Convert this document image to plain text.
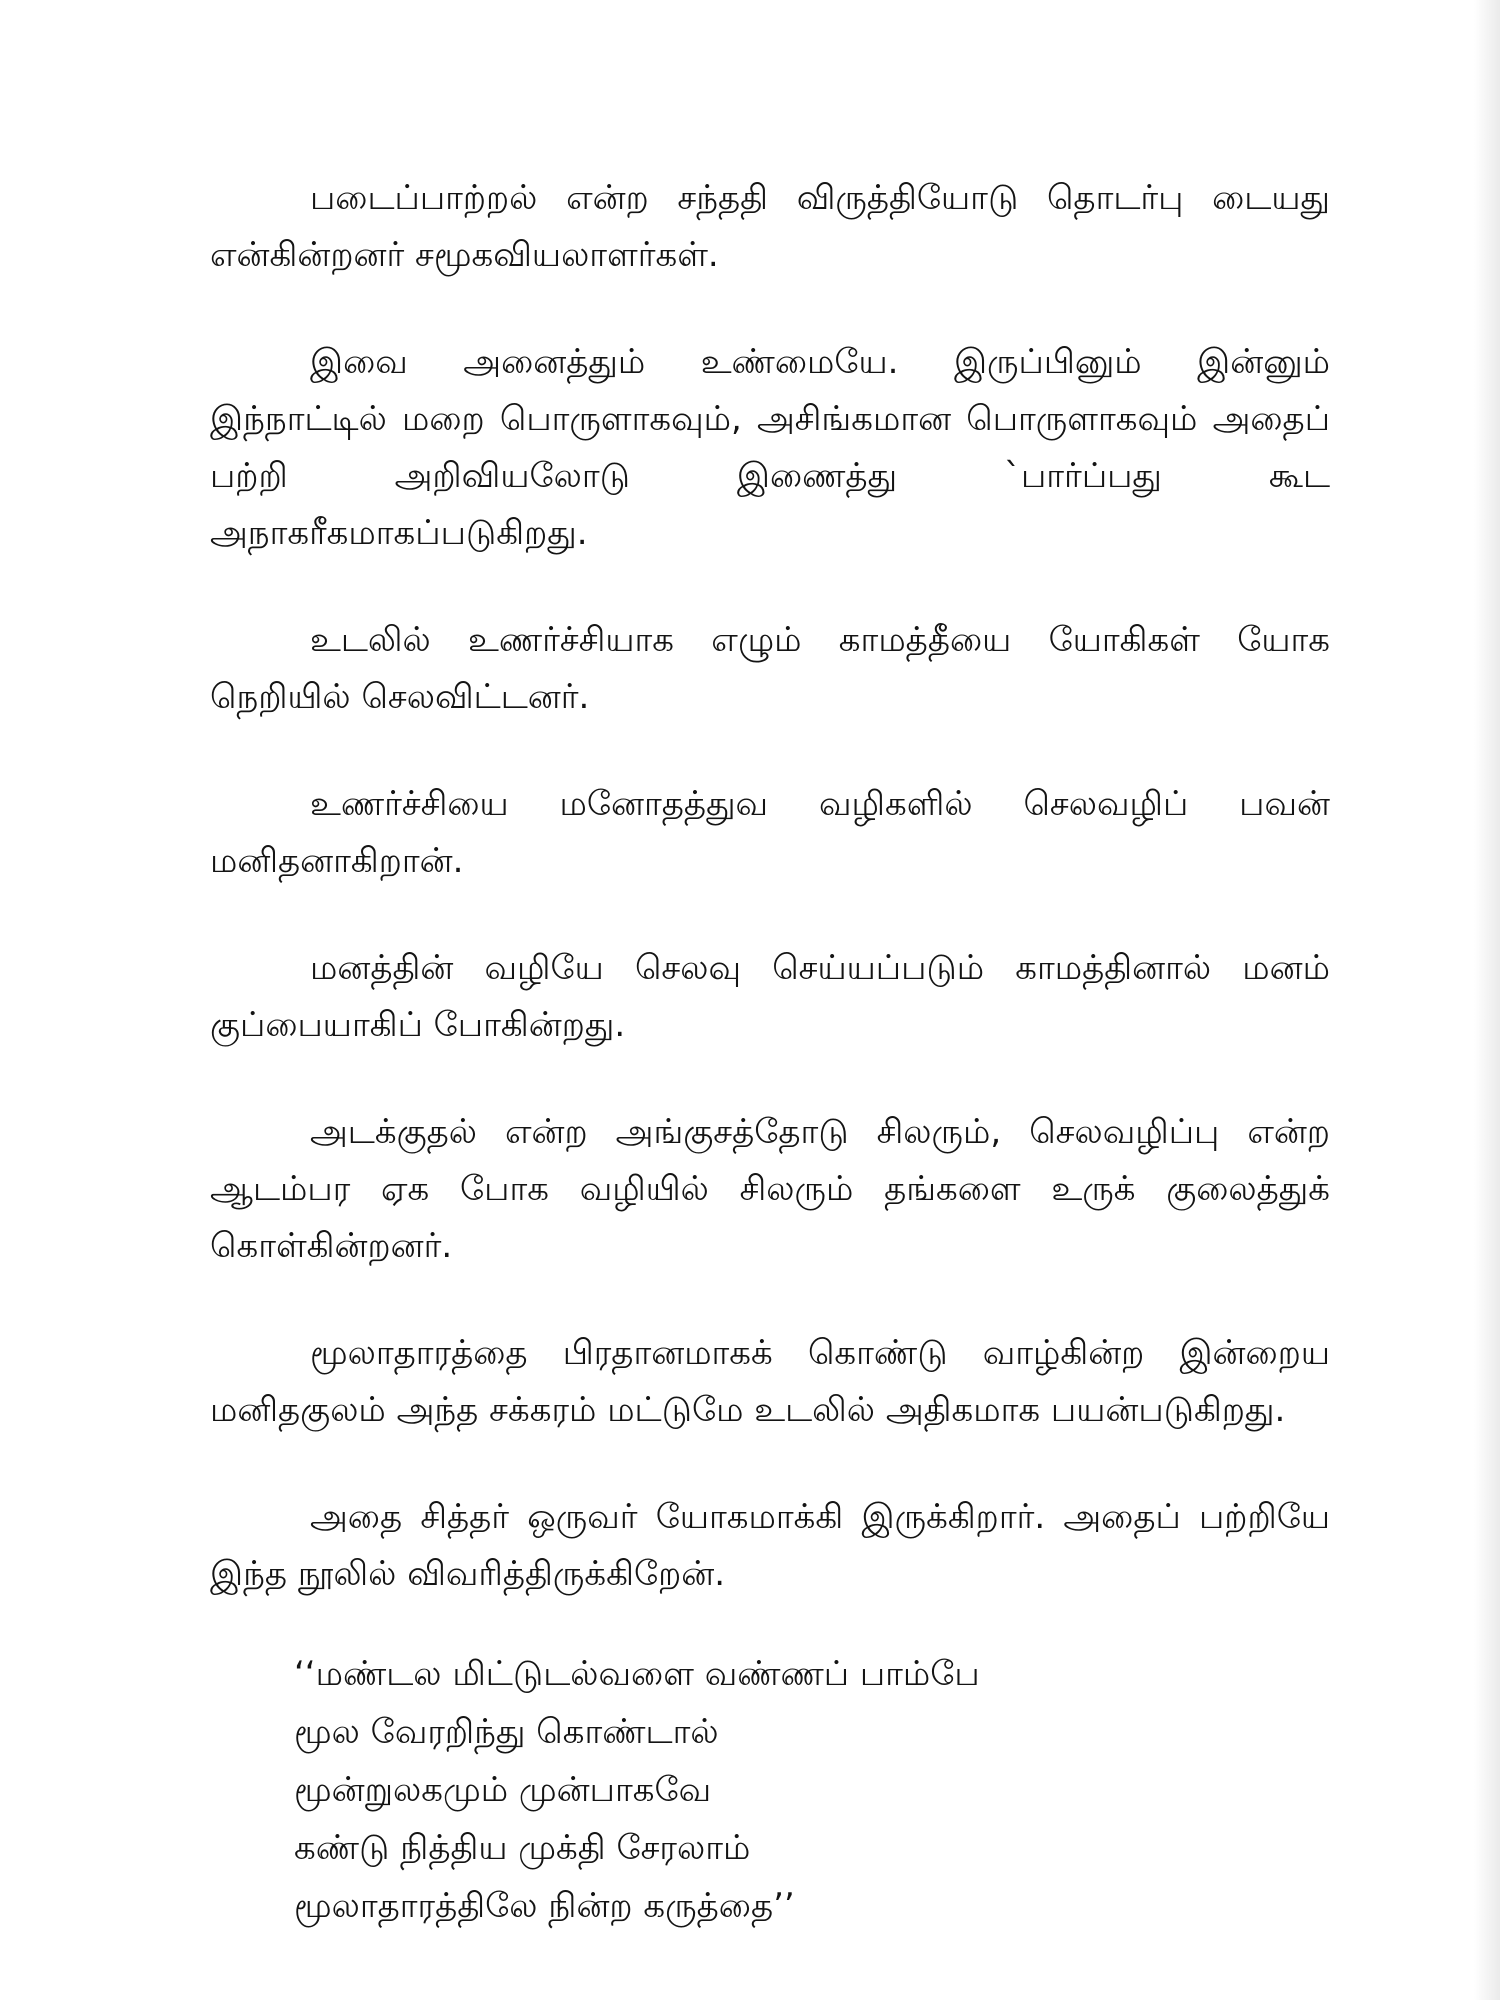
படைப்பாற்றல் என்ற சந்ததி விருத்தியோடு தொடர்பு டையது என்கின்றனர் சமூகவியலாளர்கள்.

இவை அனைத்தும் உண்மையே. இருப்பினும் இன்னும் இந்நாட்டில் மறை பொருளாகவும், அசிங்கமான பொருளாகவும் அதைப் பற்றி அறிவியலோடு இணைத்து `பார்ப்பது கூட அநாகரீகமாகப்படுகிறது.

உடலில் உணர்ச்சியாக எழும் காமத்தீயை யோகிகள் யோக நெறியில் செலவிட்டனர்.

உணர்ச்சியை மனோதத்துவ வழிகளில் செலவழிப் பவன் மனிதனாகிறான்.

மனத்தின் வழியே செலவு செய்யப்படும் காமத்தினால் மனம் குப்பையாகிப் போகின்றது.

அடக்குதல் என்ற அங்குசத்தோடு சிலரும், செலவழிப்பு என்ற ஆடம்பர ஏக போக வழியில் சிலரும் தங்களை உருக் குலைத்துக் கொள்கின்றனர்.

மூலாதாரத்தை பிரதானமாகக் கொண்டு வாழ்கின்ற இன்றைய மனிதகுலம் அந்த சக்கரம் மட்டுமே உடலில் அதிகமாக பயன்படுகிறது.

அதை சித்தர் ஒருவர் யோகமாக்கி இருக்கிறார். அதைப் பற்றியே இந்த நூலில் விவரித்திருக்கிறேன்.

‘‘மண்டல மிட்டுடல்வளை வண்ணப் பாம்பே
மூல வேரறிந்து கொண்டால்
மூன்றுலகமும் முன்பாகவே
கண்டு நித்திய முக்தி சேரலாம்
மூலாதாரத்திலே நின்ற கருத்தை’’
